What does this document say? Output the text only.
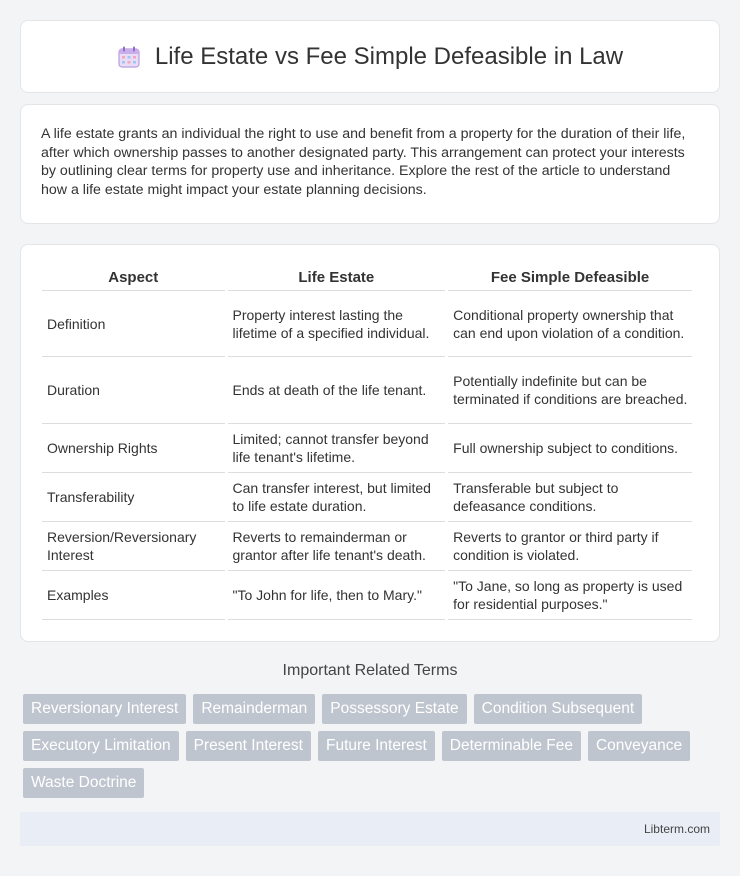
Life Estate vs Fee Simple Defeasible in Law

A life estate grants an individual the right to use and benefit from a property for the duration of their life, after which ownership passes to another designated party. This arrangement can protect your interests by outlining clear terms for property use and inheritance. Explore the rest of the article to understand how a life estate might impact your estate planning decisions.

Aspect	Life Estate	Fee Simple Defeasible
Definition	Property interest lasting the lifetime of a specified individual.	Conditional property ownership that can end upon violation of a condition.
Duration	Ends at death of the life tenant.	Potentially indefinite but can be terminated if conditions are breached.
Ownership Rights	Limited; cannot transfer beyond life tenant's lifetime.	Full ownership subject to conditions.
Transferability	Can transfer interest, but limited to life estate duration.	Transferable but subject to defeasance conditions.
Reversion/Reversionary Interest	Reverts to remainderman or grantor after life tenant's death.	Reverts to grantor or third party if condition is violated.
Examples	"To John for life, then to Mary."	"To Jane, so long as property is used for residential purposes."
Important Related Terms
Reversionary Interest	Remainderman	Possessory Estate	Condition Subsequent
Executory Limitation	Present Interest	Future Interest	Determinable Fee	Conveyance
Waste Doctrine
Libterm.com
